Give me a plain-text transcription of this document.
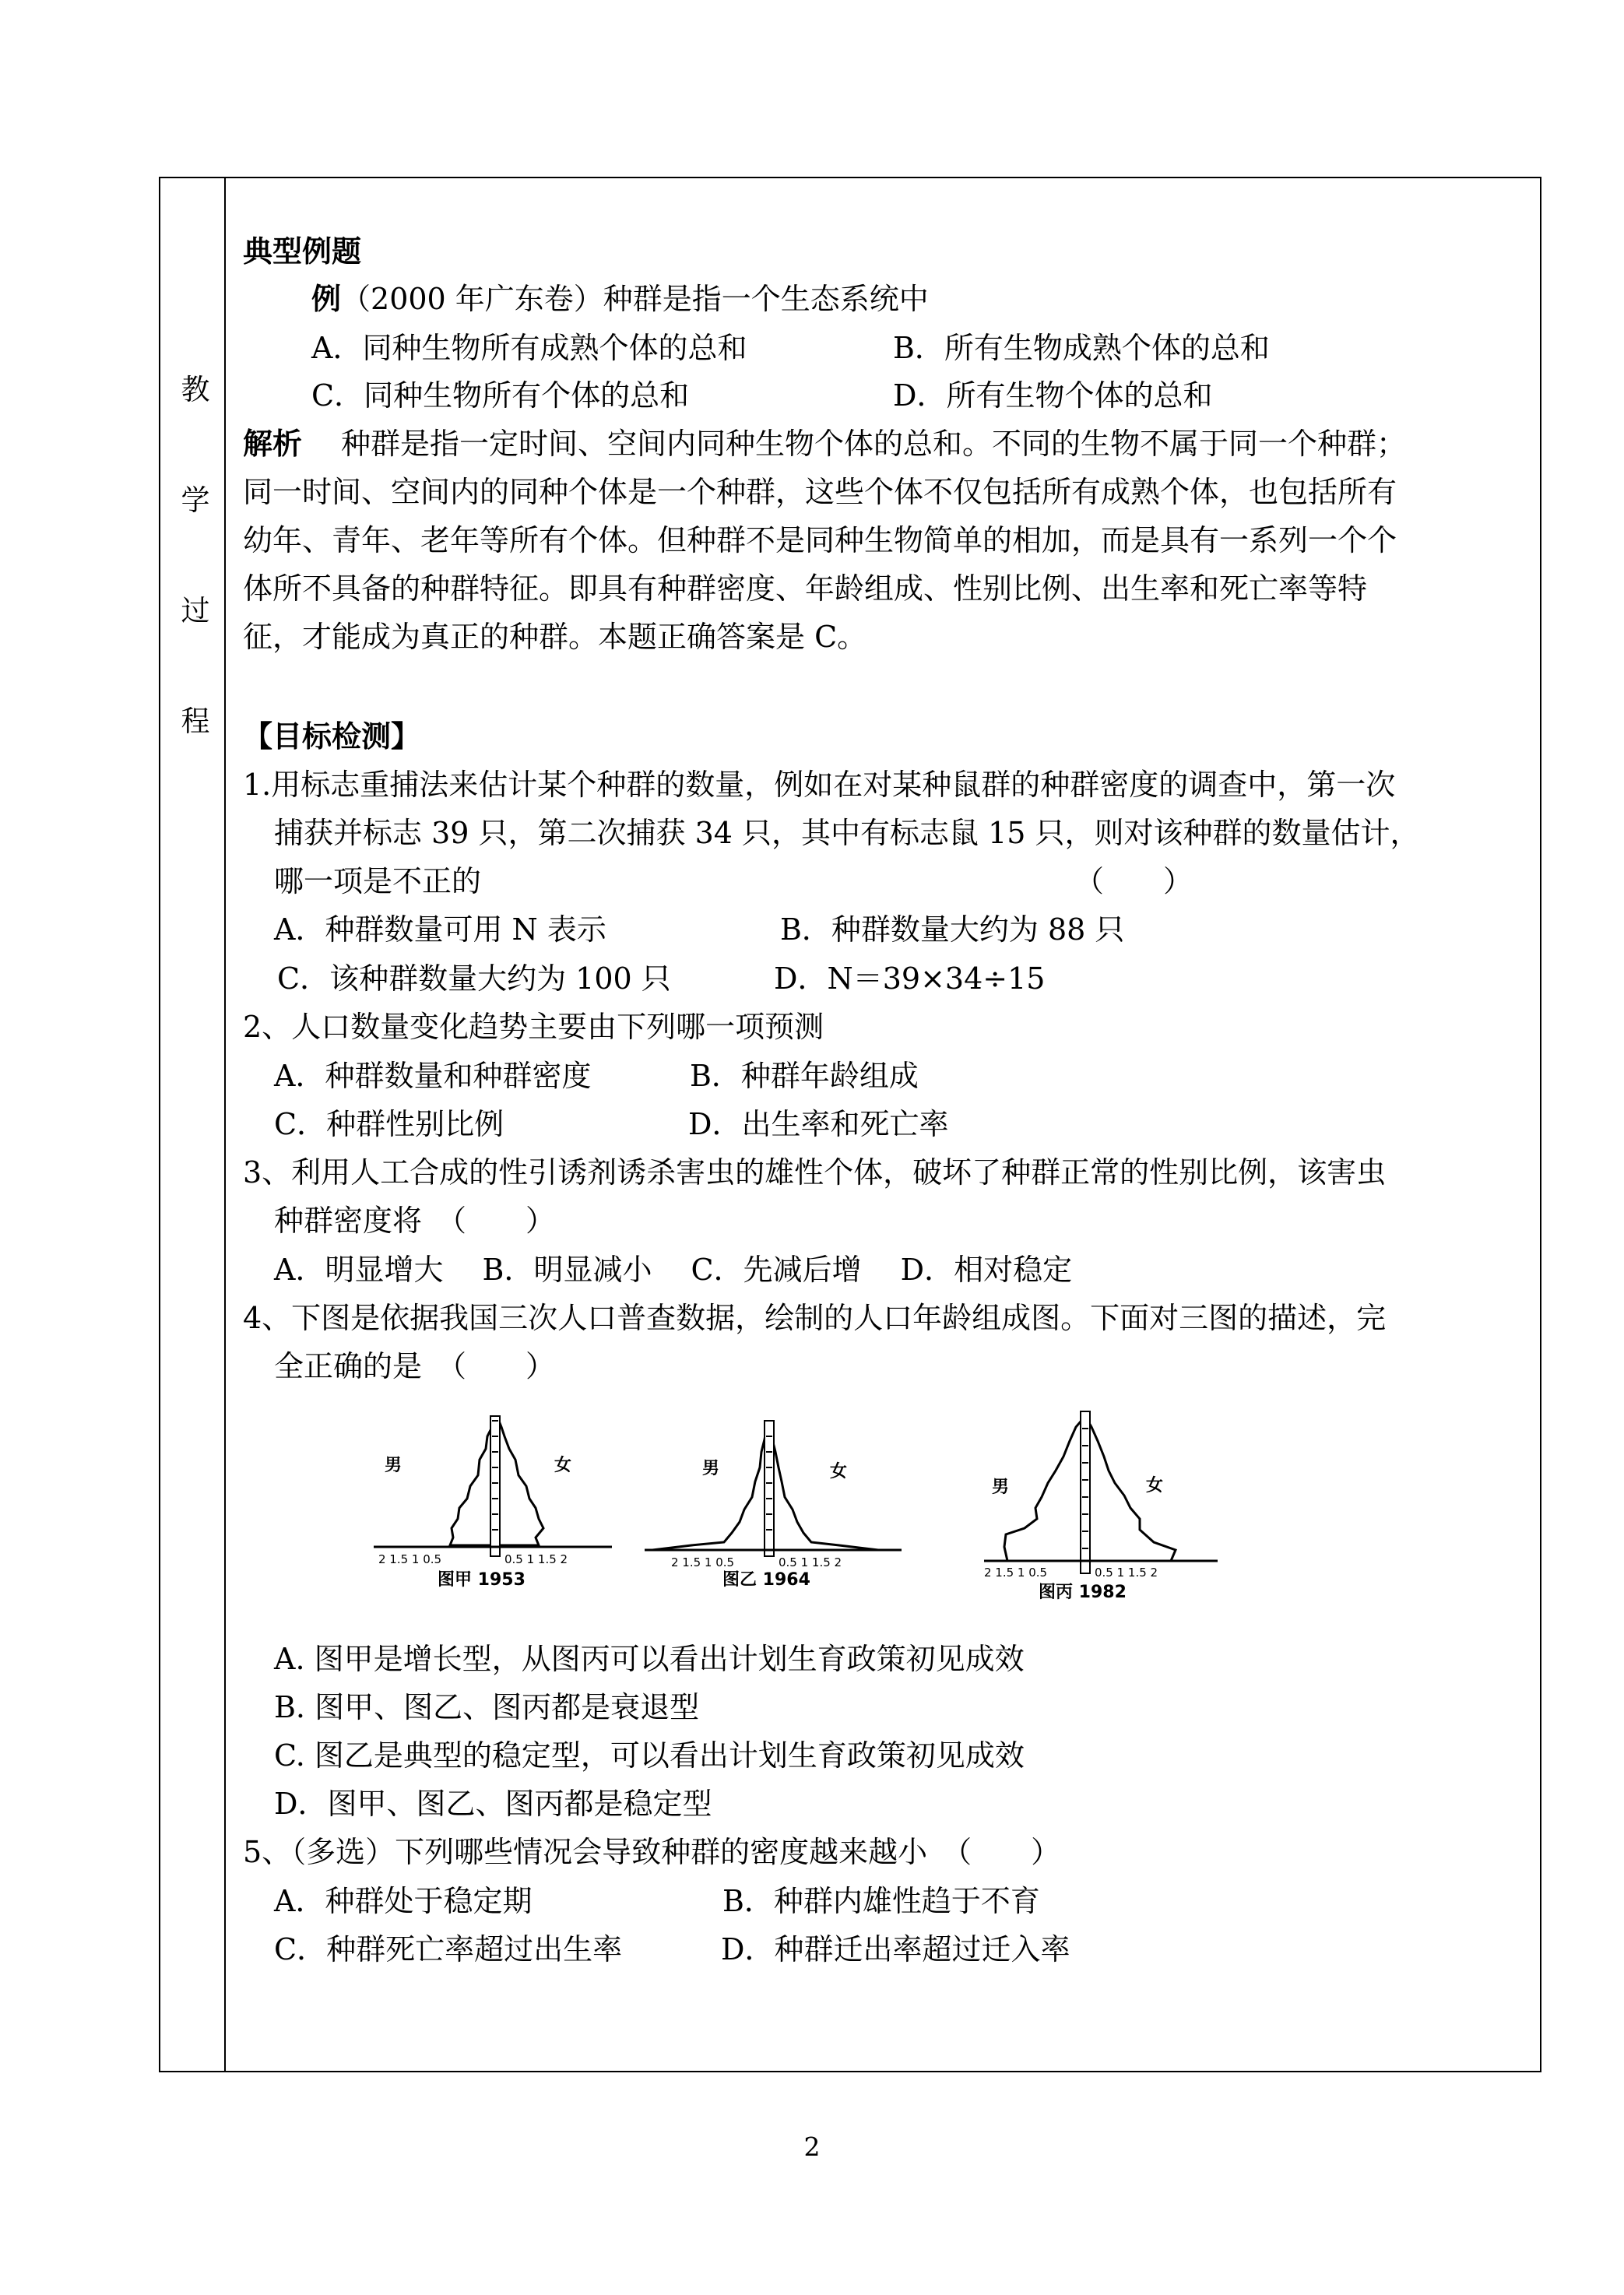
教
学
过
程
典型例题
例（2000 年广东卷）种群是指一个生态系统中
A．同种生物所有成熟个体的总和	B．所有生物成熟个体的总和
C．同种生物所有个体的总和	D．所有生物个体的总和
解析 种群是指一定时间、空间内同种生物个体的总和。不同的生物不属于同一个种群；
同一时间、空间内的同种个体是一个种群，这些个体不仅包括所有成熟个体，也包括所有
幼年、青年、老年等所有个体。但种群不是同种生物简单的相加，而是具有一系列一个个
体所不具备的种群特征。即具有种群密度、年龄组成、性别比例、出生率和死亡率等特
征，才能成为真正的种群。本题正确答案是 C。
【目标检测】
1.用标志重捕法来估计某个种群的数量，例如在对某种鼠群的种群密度的调查中，第一次
捕获并标志 39 只，第二次捕获 34 只，其中有标志鼠 15 只，则对该种群的数量估计，
哪一项是不正的	（　　）
A．种群数量可用 N 表示	B．种群数量大约为 88 只
C．该种群数量大约为 100 只	D．N＝39×34÷15
2、人口数量变化趋势主要由下列哪一项预测
A．种群数量和种群密度	B．种群年龄组成
C．种群性别比例	D．出生率和死亡率
3、利用人工合成的性引诱剂诱杀害虫的雄性个体，破坏了种群正常的性别比例，该害虫
种群密度将　（　　）
A．明显增大　 B．明显减小　 C．先减后增　 D．相对稳定
4、下图是依据我国三次人口普查数据，绘制的人口年龄组成图。下面对三图的描述，完
全正确的是　（　　）
男	女
2 1.5 1 0.5	0.5 1 1.5 2
图甲 1953
男	女
2 1.5 1 0.5	0.5 1 1.5 2
图乙 1964
男	女
2 1.5 1 0.5	0.5 1 1.5 2
图丙 1982
A. 图甲是增长型，从图丙可以看出计划生育政策初见成效
B. 图甲、图乙、图丙都是衰退型
C. 图乙是典型的稳定型，可以看出计划生育政策初见成效
D．图甲、图乙、图丙都是稳定型
5、（多选）下列哪些情况会导致种群的密度越来越小　（　　）
A．种群处于稳定期	B．种群内雄性趋于不育
C．种群死亡率超过出生率	D．种群迁出率超过迁入率
2
